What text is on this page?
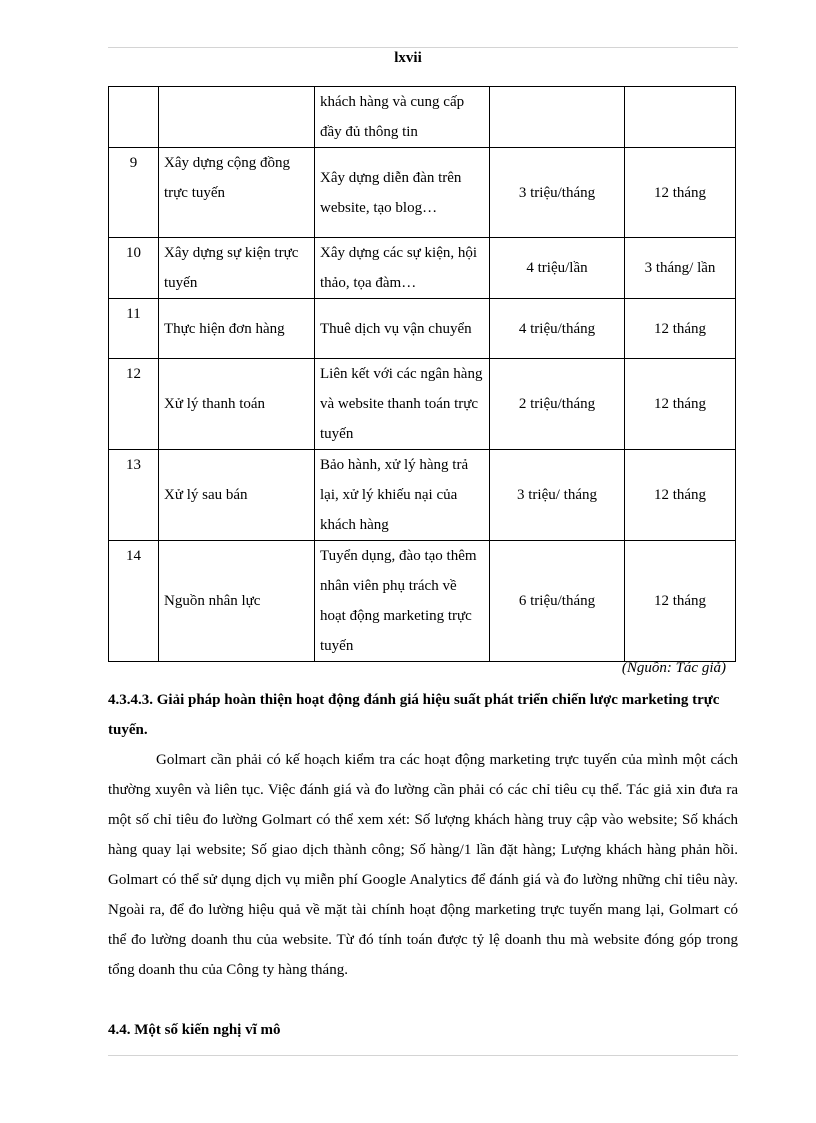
lxvii
		khách hàng và cung cấp đầy đủ thông tin		
9	Xây dựng cộng đồng trực tuyến	Xây dựng diễn đàn trên website, tạo blog…	3 triệu/tháng	12 tháng
10	Xây dựng sự kiện trực tuyến	Xây dựng các sự kiện, hội thảo, tọa đàm…	4 triệu/lần	3 tháng/ lần
11	Thực hiện đơn hàng	Thuê dịch vụ vận chuyển	4 triệu/tháng	12 tháng
12	Xử lý thanh toán	Liên kết với các ngân hàng và website thanh toán trực tuyến	2 triệu/tháng	12 tháng
13	Xử lý sau bán	Bảo hành, xử lý hàng trả lại, xử lý khiếu nại của khách hàng	3 triệu/ tháng	12 tháng
14	Nguồn nhân lực	Tuyển dụng, đào tạo thêm nhân viên phụ trách về hoạt động marketing trực tuyến	6 triệu/tháng	12 tháng
(Nguồn: Tác giả)
4.3.4.3. Giải pháp hoàn thiện hoạt động đánh giá hiệu suất phát triển chiến lược marketing trực tuyến.
Golmart cần phải có kế hoạch kiểm tra các hoạt động marketing trực tuyến của mình một cách thường xuyên và liên tục. Việc đánh giá và đo lường cần phải có các chỉ tiêu cụ thể. Tác giả xin đưa ra một số chỉ tiêu đo lường Golmart có thể xem xét: Số lượng khách hàng truy cập vào website; Số khách hàng quay lại website; Số giao dịch thành công; Số hàng/1 lần đặt hàng; Lượng khách hàng phản hồi. Golmart có thể sử dụng dịch vụ miễn phí Google Analytics để đánh giá và đo lường những chỉ tiêu này. Ngoài ra, để đo lường hiệu quả về mặt tài chính hoạt động marketing trực tuyến mang lại, Golmart có thể đo lường doanh thu của website. Từ đó tính toán được tỷ lệ doanh thu mà website đóng góp trong tổng doanh thu của Công ty hàng tháng.
4.4. Một số kiến nghị vĩ mô
